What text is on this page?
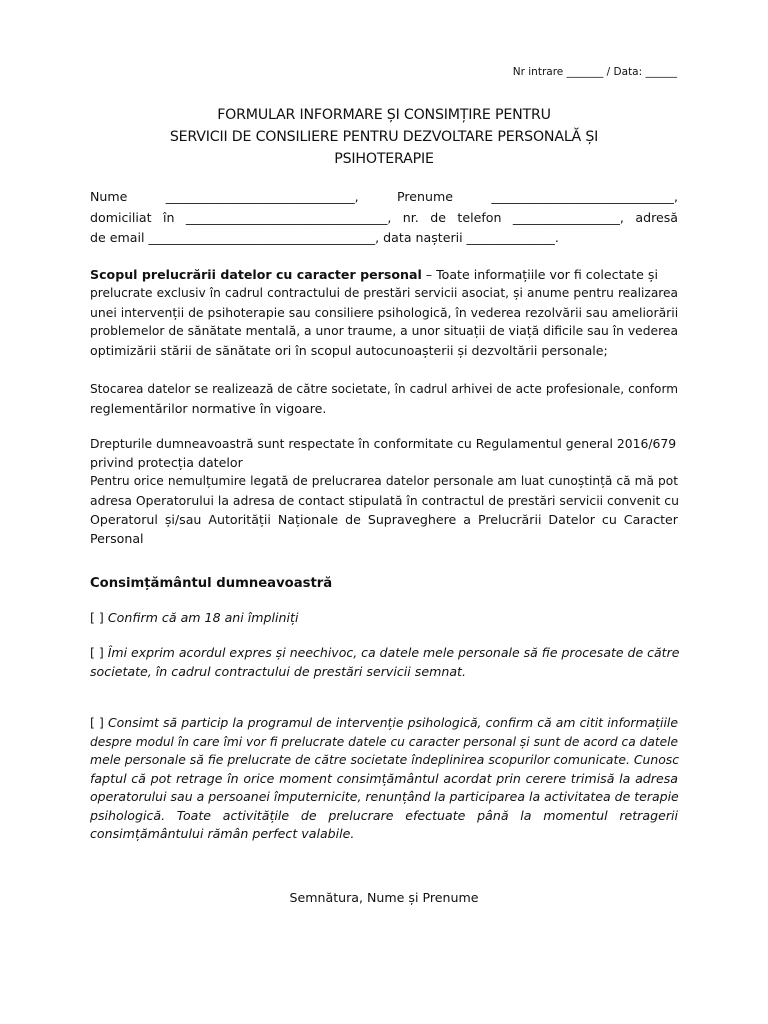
Nr intrare _______ / Data: ______
FORMULAR INFORMARE ȘI CONSIMȚIRE PENTRU
SERVICII DE CONSILIERE PENTRU DEZVOLTARE PERSONALĂ ȘI
PSIHOTERAPIE
Nume	______________________________,	Prenume	_____________________________,
domiciliat în ________________________________, nr. de telefon _________________, adresă
de email ____________________________________, data nașterii ______________.
Scopul prelucrării datelor cu caracter personal – Toate informațiile vor fi colectate și
prelucrate exclusiv în cadrul contractului de prestări servicii asociat, și anume pentru realizarea
unei intervenții de psihoterapie sau consiliere psihologică, în vederea rezolvării sau ameliorării
problemelor de sănătate mentală, a unor traume, a unor situații de viață dificile sau în vederea
optimizării stării de sănătate ori în scopul autocunoașterii și dezvoltării personale;
Stocarea datelor se realizează de către societate, în cadrul arhivei de acte profesionale, conform
reglementărilor normative în vigoare.
Drepturile dumneavoastră sunt respectate în conformitate cu Regulamentul general 2016/679
privind protecția datelor
Pentru orice nemulțumire legată de prelucrarea datelor personale am luat cunoștință că mă pot
adresa Operatorului la adresa de contact stipulată în contractul de prestări servicii convenit cu
Operatorul și/sau Autorității Naționale de Supraveghere a Prelucrării Datelor cu Caracter
Personal
Consimțământul dumneavoastră
[ ] Confirm că am 18 ani împliniți
[ ] Îmi exprim acordul expres și neechivoc, ca datele mele personale să fie procesate de către
societate, în cadrul contractului de prestări servicii semnat.
[ ] Consimt să particip la programul de intervenție psihologică, confirm că am citit informațiile
despre modul în care îmi vor fi prelucrate datele cu caracter personal și sunt de acord ca datele
mele personale să fie prelucrate de către societate îndeplinirea scopurilor comunicate. Cunosc
faptul că pot retrage în orice moment consimțământul acordat prin cerere trimisă la adresa
operatorului sau a persoanei împuternicite, renunțând la participarea la activitatea de terapie
psihologică. Toate activitățile de prelucrare efectuate până la momentul retragerii
consimțământului rămân perfect valabile.
Semnătura, Nume și Prenume
